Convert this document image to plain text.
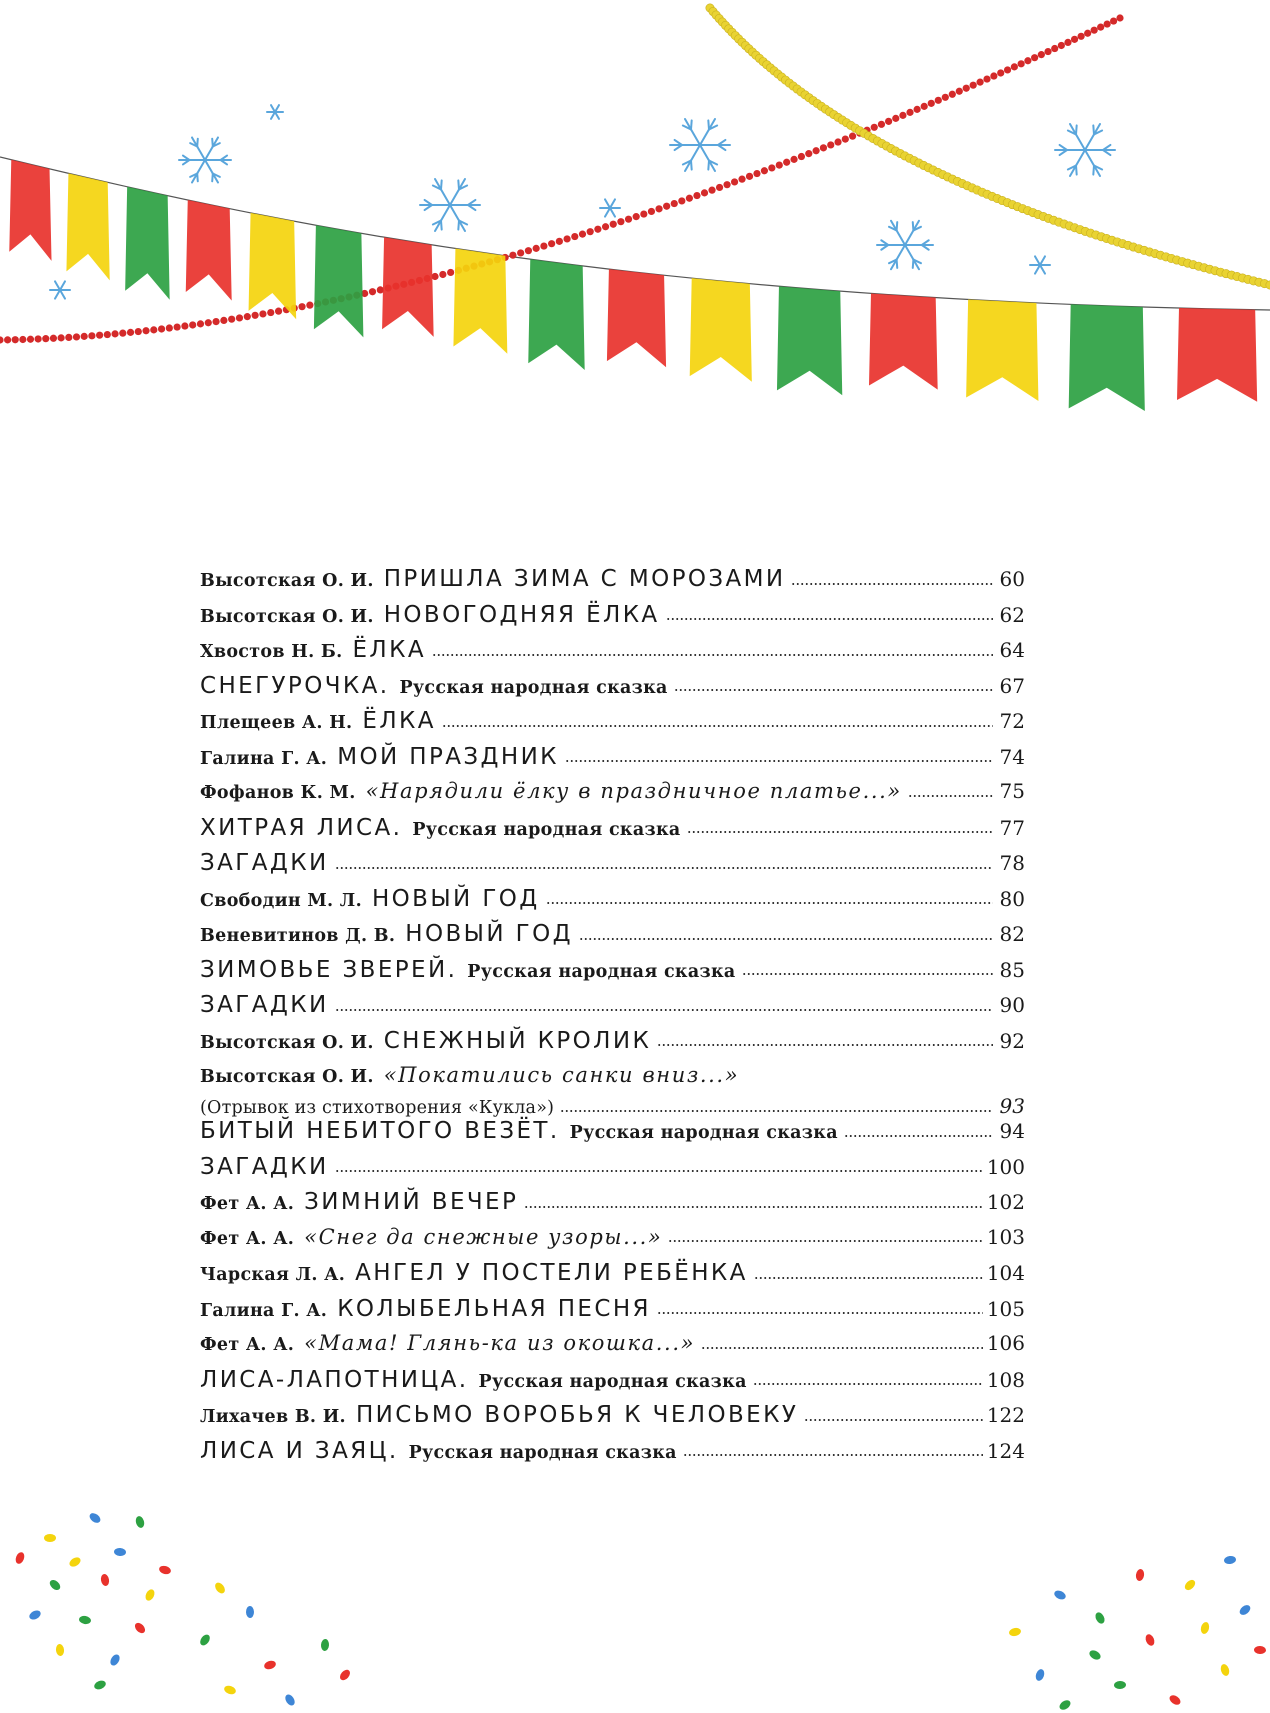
Высотская О. И. ПРИШЛА ЗИМА С МОРОЗАМИ	60
Высотская О. И. НОВОГОДНЯЯ ЁЛКА	62
Хвостов Н. Б. ЁЛКА	64
СНЕГУРОЧКА. Русская народная сказка	67
Плещеев А. Н. ЁЛКА	72
Галина Г. А. МОЙ ПРАЗДНИК	74
Фофанов К. М. «Нарядили ёлку в праздничное платье...»	75
ХИТРАЯ ЛИСА. Русская народная сказка	77
ЗАГАДКИ	78
Свободин М. Л. НОВЫЙ ГОД	80
Веневитинов Д. В. НОВЫЙ ГОД	82
ЗИМОВЬЕ ЗВЕРЕЙ. Русская народная сказка	85
ЗАГАДКИ	90
Высотская О. И. СНЕЖНЫЙ КРОЛИК	92
Высотская О. И. «Покатились санки вниз...»
(Отрывок из стихотворения «Кукла»)	93
БИТЫЙ НЕБИТОГО ВЕЗЁТ. Русская народная сказка	94
ЗАГАДКИ	100
Фет А. А. ЗИМНИЙ ВЕЧЕР	102
Фет А. А. «Снег да снежные узоры...»	103
Чарская Л. А. АНГЕЛ У ПОСТЕЛИ РЕБЁНКА	104
Галина Г. А. КОЛЫБЕЛЬНАЯ ПЕСНЯ	105
Фет А. А. «Мама! Глянь-ка из окошка...»	106
ЛИСА-ЛАПОТНИЦА. Русская народная сказка	108
Лихачев В. И. ПИСЬМО ВОРОБЬЯ К ЧЕЛОВЕКУ	122
ЛИСА И ЗАЯЦ. Русская народная сказка	124
